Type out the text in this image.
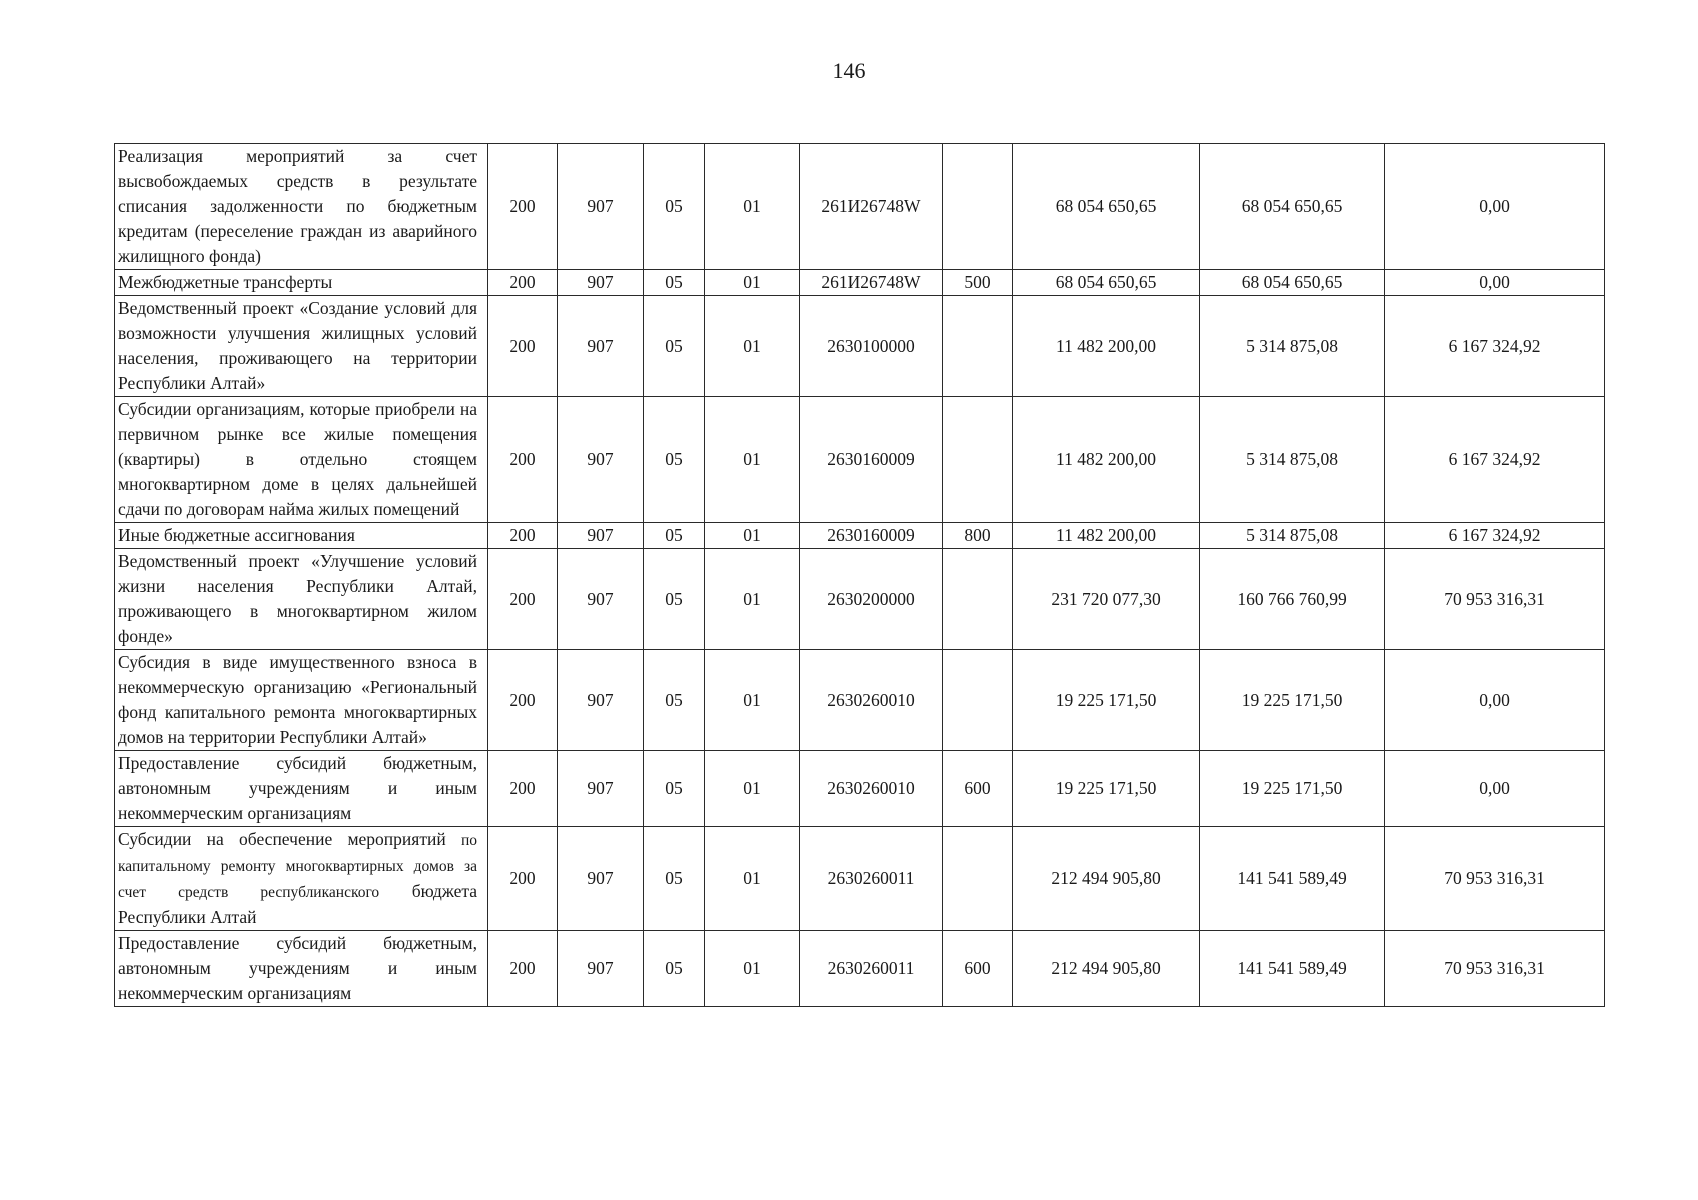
146
Реализация мероприятий за счет высвобождаемых средств в результате списания задолженности по бюджетным кредитам (переселение граждан из аварийного жилищного фонда)	200	907	05	01	261И26748W		68 054 650,65	68 054 650,65	0,00
Межбюджетные трансферты	200	907	05	01	261И26748W	500	68 054 650,65	68 054 650,65	0,00
Ведомственный проект «Создание условий для возможности улучшения жилищных условий населения, проживающего на территории Республики Алтай»	200	907	05	01	2630100000		11 482 200,00	5 314 875,08	6 167 324,92
Субсидии организациям, которые приобрели на первичном рынке все жилые помещения (квартиры) в отдельно стоящем многоквартирном доме в целях дальнейшей сдачи по договорам найма жилых помещений	200	907	05	01	2630160009		11 482 200,00	5 314 875,08	6 167 324,92
Иные бюджетные ассигнования	200	907	05	01	2630160009	800	11 482 200,00	5 314 875,08	6 167 324,92
Ведомственный проект «Улучшение условий жизни населения Республики Алтай, проживающего в многоквартирном жилом фонде»	200	907	05	01	2630200000		231 720 077,30	160 766 760,99	70 953 316,31
Субсидия в виде имущественного взноса в некоммерческую организацию «Региональный фонд капитального ремонта многоквартирных домов на территории Республики Алтай»	200	907	05	01	2630260010		19 225 171,50	19 225 171,50	0,00
Предоставление субсидий бюджетным, автономным учреждениям и иным некоммерческим организациям	200	907	05	01	2630260010	600	19 225 171,50	19 225 171,50	0,00
Субсидии на обеспечение мероприятий по капитальному ремонту многоквартирных домов за счет средств республиканского бюджета Республики Алтай	200	907	05	01	2630260011		212 494 905,80	141 541 589,49	70 953 316,31
Предоставление субсидий бюджетным, автономным учреждениям и иным некоммерческим организациям	200	907	05	01	2630260011	600	212 494 905,80	141 541 589,49	70 953 316,31
